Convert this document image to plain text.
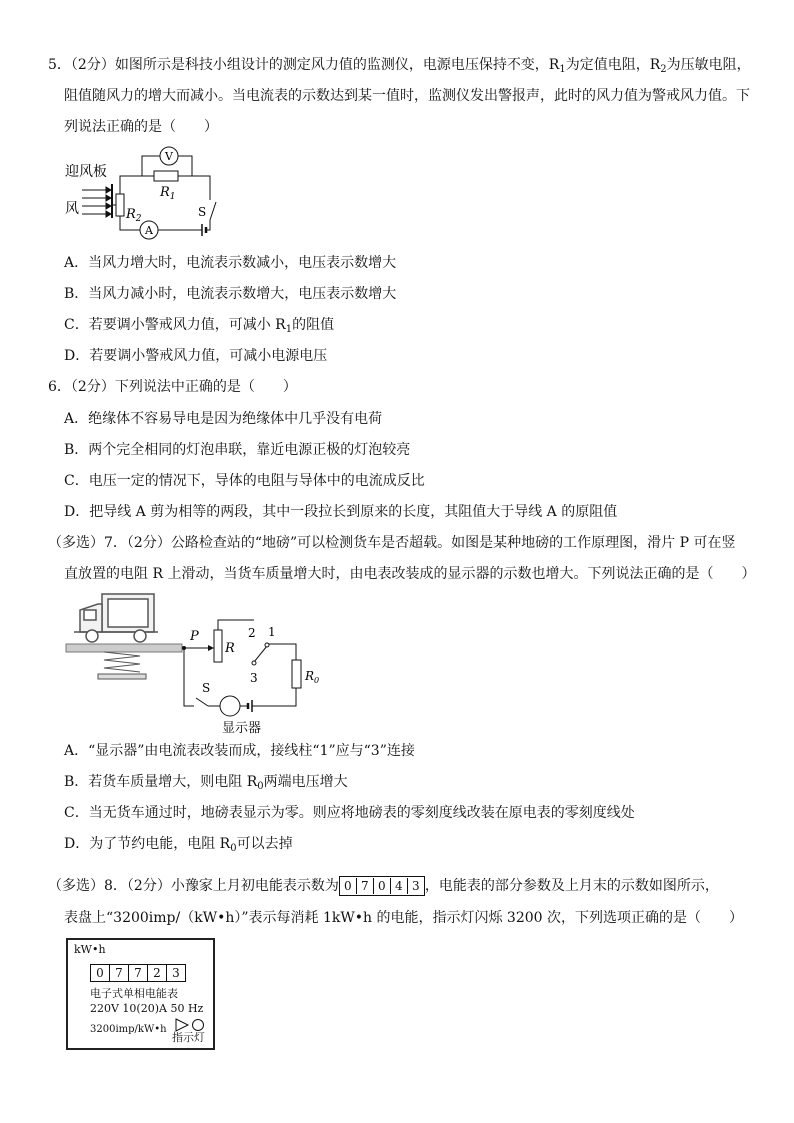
5．（2分）如图所示是科技小组设计的测定风力值的监测仪，电源电压保持不变，$R_1$为定值电阻，$R_2$为压敏电阻，
阻值随风力的增大而减小。当电流表的示数达到某一值时，监测仪发出警报声，此时的风力值为警戒风力值。下
列说法正确的是（　　）
迎风板
风	$R_2$	S
A
$R_1$
V
A．当风力增大时，电流表示数减小，电压表示数增大
B．当风力减小时，电流表示数增大，电压表示数增大
C．若要调小警戒风力值，可减小 $R_1$的阻值
D．若要调小警戒风力值，可减小电源电压
6．（2分）下列说法中正确的是（　　）
A．绝缘体不容易导电是因为绝缘体中几乎没有电荷
B．两个完全相同的灯泡串联，靠近电源正极的灯泡较亮
C．电压一定的情况下，导体的电阻与导体中的电流成反比
D．把导线 A 剪为相等的两段，其中一段拉长到原来的长度，其阻值大于导线 A 的原阻值
（多选）7．（2分）公路检查站的“地磅”可以检测货车是否超载。如图是某种地磅的工作原理图，滑片 P 可在竖
直放置的电阻 R 上滑动，当货车质量增大时，由电表改装成的显示器的示数也增大。下列说法正确的是（　　）
P
R
2 1
3	$R_0$
显示器
S
A．“显示器”由电流表改装而成，接线柱“1”应与“3”连接
B．若货车质量增大，则电阻 $R_0$两端电压增大
C．当无货车通过时，地磅表显示为零。则应将地磅表的零刻度线改装在原电表的零刻度线处
D．为了节约电能，电阻 $R_0$可以去掉
（多选）8．（2分）小豫家上月初电能表示数为 0 7 0 4 3 ，电能表的部分参数及上月末的示数如图所示，
表盘上“3200imp/（kW•h）”表示每消耗 1kW•h 的电能，指示灯闪烁 3200 次，下列选项正确的是（　　）
kW•h
0 7 7 2 3
电子式单相电能表
220V 10(20)A 50 Hz
3200imp/kW•h
指示灯
